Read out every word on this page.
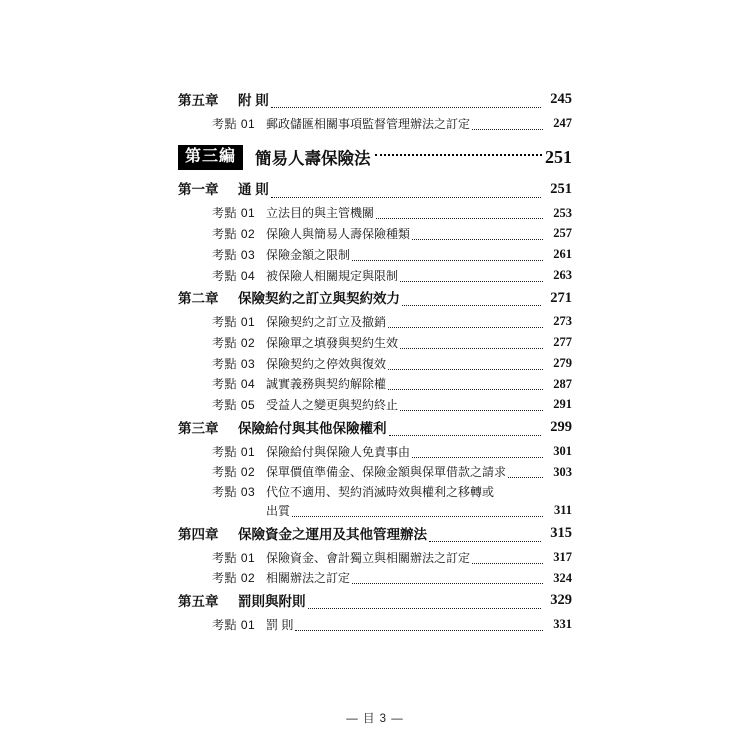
第五章	附 則	245
考點 01 郵政儲匯相關事項監督管理辦法之訂定	247
第三編	簡易人壽保險法	251
第一章	通 則	251
考點 01 立法目的與主管機關	253
考點 02 保險人與簡易人壽保險種類	257
考點 03 保險金額之限制	261
考點 04 被保險人相關規定與限制	263
第二章	保險契約之訂立與契約效力	271
考點 01 保險契約之訂立及撤銷	273
考點 02 保險單之填發與契約生效	277
考點 03 保險契約之停效與復效	279
考點 04 誠實義務與契約解除權	287
考點 05 受益人之變更與契約終止	291
第三章	保險給付與其他保險權利	299
考點 01 保險給付與保險人免責事由	301
考點 02 保單價值準備金、保險金額與保單借款之請求	303
考點 03 代位不適用、契約消滅時效與權利之移轉或
出質	311
第四章	保險資金之運用及其他管理辦法	315
考點 01 保險資金、會計獨立與相關辦法之訂定	317
考點 02 相關辦法之訂定	324
第五章	罰則與附則	329
考點 01 罰 則	331
— 目 3 —
